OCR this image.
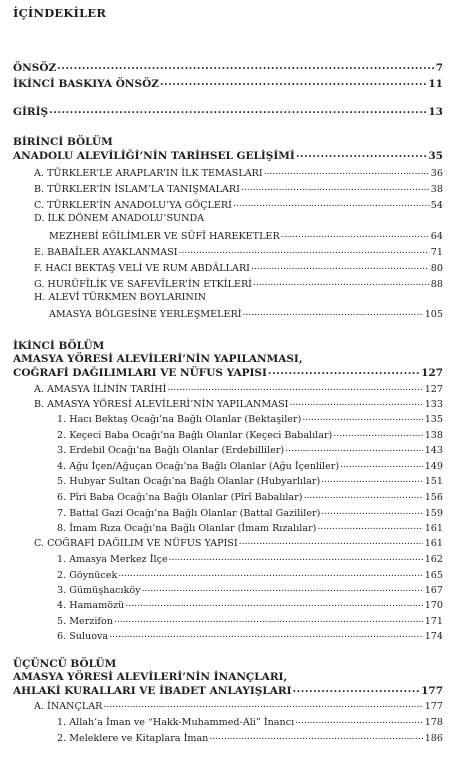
İÇİNDEKİLER
ÖNSÖZ . . .	7
İKİNCİ BASKIYA ÖNSÖZ . . .	11
GİRİŞ . . .	13
BİRİNCİ BÖLÜM
ANADOLU ALEVİLİĞİ’NİN TARİHSEL GELİŞİMİ . . .	35
A. TÜRKLER’LE ARAPLAR’IN İLK TEMASLARI . . .	36
B. TÜRKLER’İN İSLAM’LA TANIŞMALARI . . .	38
C. TÜRKLER’İN ANADOLU’YA GÖÇLERİ . . .	54
D. İLK DÖNEM ANADOLU’SUNDA
MEZHEBİ EĞİLİMLER VE SÛFÎ HAREKETLER . . .	64
E. BABAÎLER AYAKLANMASI . . .	71
F. HACI BEKTAŞ VELİ VE RUM ABDÂLLARI . . .	80
G. HURÛFÎLİK VE SAFEVÎLER’İN ETKİLERİ . . .	88
H. ALEVÎ TÜRKMEN BOYLARININ
AMASYA BÖLGESİNE YERLEŞMELERİ . . .	105
İKİNCİ BÖLÜM
AMASYA YÖRESİ ALEVİLERİ’NİN YAPILANMASI,
COĞRAFİ DAĞILIMLARI VE NÜFUS YAPISI . . .	127
A. AMASYA İLİNİN TARİHİ . . .	127
B. AMASYA YÖRESİ ALEVİLERİ’NİN YAPILANMASI . . .	133
1. Hacı Bektaş Ocağı’na Bağlı Olanlar (Bektaşiler) . . .	135
2. Keçeci Baba Ocağı’na Bağlı Olanlar (Keçeci Babalılar) . . .	138
3. Erdebil Ocağı’na Bağlı Olanlar (Erdebilliler) . . .	143
4. Ağu İçen/Ağuçan Ocağı’na Bağlı Olanlar (Ağu İçenliler) . . .	149
5. Hubyar Sultan Ocağı’na Bağlı Olanlar (Hubyarlılar) . . .	151
6. Pîri Baba Ocağı’na Bağlı Olanlar (Pîrî Babalılar) . . .	156
7. Battal Gazi Ocağı’na Bağlı Olanlar (Battal Gazililer) . . .	159
8. İmam Rıza Ocağı’na Bağlı Olanlar (İmam Rızalılar) . . .	161
C. COĞRAFİ DAĞILIM VE NÜFUS YAPISI . . .	161
1. Amasya Merkez İlçe . . .	162
2. Göynücek . . .	165
3. Gümüşhacıköy . . .	167
4. Hamamözü . . .	170
5. Merzifon . . .	171
6. Suluova . . .	174
ÜÇÜNCÜ BÖLÜM
AMASYA YÖRESİ ALEVİLERİ’NİN İNANÇLARI,
AHLAKİ KURALLARI VE İBADET ANLAYIŞLARI . . .	177
A. İNANÇLAR . . .	177
1. Allah’a İman ve “Hakk-Muhammed-Ali” İnancı . . .	178
2. Meleklere ve Kitaplara İman . . .	186
